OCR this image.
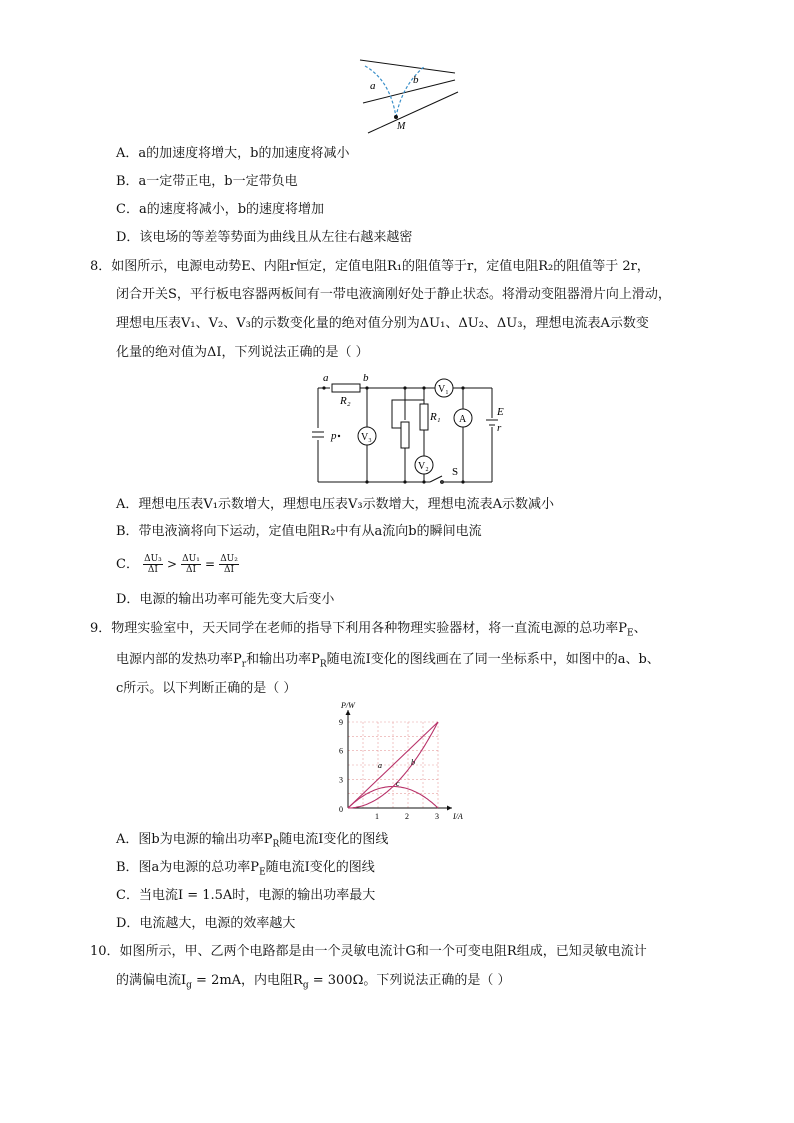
a	b
M
A．a的加速度将增大，b的加速度将减小
B．a一定带正电，b一定带负电
C．a的速度将减小，b的速度将增加
D．该电场的等差等势面为曲线且从左往右越来越密
8．如图所示，电源电动势E、内阻r恒定，定值电阻R₁的阻值等于r，定值电阻R₂的阻值等于 2r，
闭合开关S，平行板电容器两板间有一带电液滴刚好处于静止状态。将滑动变阻器滑片向上滑动，
理想电压表V₁、V₂、V₃的示数变化量的绝对值分别为ΔU₁、ΔU₂、ΔU₃，理想电流表A示数变
化量的绝对值为ΔI，下列说法正确的是（ ）
V₁
V₃
V₂
A
a	b
R₂
R₁
p
E
r
S
A．理想电压表V₁示数增大，理想电压表V₃示数增大，理想电流表A示数减小
B．带电液滴将向下运动，定值电阻R₂中有从a流向b的瞬间电流
C． $\frac{\text{ΔU₃}}{\Delta I} > \frac{\text{ΔU₁}}{\Delta I} = \frac{\text{ΔU₂}}{\Delta I}$
D．电源的输出功率可能先变大后变小
9．物理实验室中，天天同学在老师的指导下利用各种物理实验器材，将一直流电源的总功率$P_E$、
电源内部的发热功率$P_r$和输出功率$P_R$随电流I变化的图线画在了同一坐标系中，如图中的a、b、
c所示。以下判断正确的是（ ）
1	2	3
3
6
9
0
P/W
I/A
a	b
c
A．图b为电源的输出功率$P_R$随电流I变化的图线
B．图a为电源的总功率$P_E$随电流I变化的图线
C．当电流I = 1.5A时，电源的输出功率最大
D．电流越大，电源的效率越大
10．如图所示，甲、乙两个电路都是由一个灵敏电流计G和一个可变电阻R组成，已知灵敏电流计
的满偏电流$I_g = 2mA$，内电阻$R_g = 300\Omega$。下列说法正确的是（ ）
